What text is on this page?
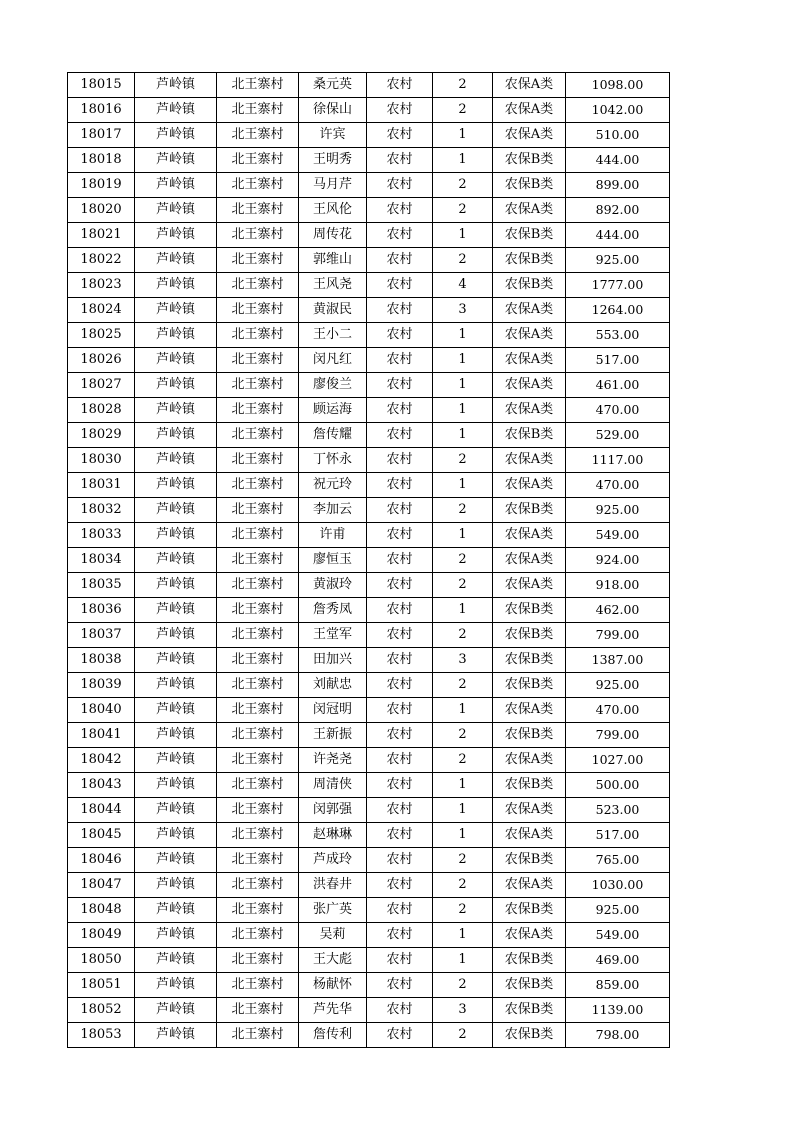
18015	芦岭镇	北王寨村	桑元英	农村	2	农保A类	1098.00
18016	芦岭镇	北王寨村	徐保山	农村	2	农保A类	1042.00
18017	芦岭镇	北王寨村	许宾	农村	1	农保A类	510.00
18018	芦岭镇	北王寨村	王明秀	农村	1	农保B类	444.00
18019	芦岭镇	北王寨村	马月芹	农村	2	农保B类	899.00
18020	芦岭镇	北王寨村	王风伦	农村	2	农保A类	892.00
18021	芦岭镇	北王寨村	周传花	农村	1	农保B类	444.00
18022	芦岭镇	北王寨村	郭维山	农村	2	农保B类	925.00
18023	芦岭镇	北王寨村	王风尧	农村	4	农保B类	1777.00
18024	芦岭镇	北王寨村	黄淑民	农村	3	农保A类	1264.00
18025	芦岭镇	北王寨村	王小二	农村	1	农保A类	553.00
18026	芦岭镇	北王寨村	闵凡红	农村	1	农保A类	517.00
18027	芦岭镇	北王寨村	廖俊兰	农村	1	农保A类	461.00
18028	芦岭镇	北王寨村	顾运海	农村	1	农保A类	470.00
18029	芦岭镇	北王寨村	詹传耀	农村	1	农保B类	529.00
18030	芦岭镇	北王寨村	丁怀永	农村	2	农保A类	1117.00
18031	芦岭镇	北王寨村	祝元玲	农村	1	农保A类	470.00
18032	芦岭镇	北王寨村	李加云	农村	2	农保B类	925.00
18033	芦岭镇	北王寨村	许甫	农村	1	农保A类	549.00
18034	芦岭镇	北王寨村	廖恒玉	农村	2	农保A类	924.00
18035	芦岭镇	北王寨村	黄淑玲	农村	2	农保A类	918.00
18036	芦岭镇	北王寨村	詹秀凤	农村	1	农保B类	462.00
18037	芦岭镇	北王寨村	王堂军	农村	2	农保B类	799.00
18038	芦岭镇	北王寨村	田加兴	农村	3	农保B类	1387.00
18039	芦岭镇	北王寨村	刘献忠	农村	2	农保B类	925.00
18040	芦岭镇	北王寨村	闵冠明	农村	1	农保A类	470.00
18041	芦岭镇	北王寨村	王新振	农村	2	农保B类	799.00
18042	芦岭镇	北王寨村	许尧尧	农村	2	农保A类	1027.00
18043	芦岭镇	北王寨村	周清侠	农村	1	农保B类	500.00
18044	芦岭镇	北王寨村	闵郭强	农村	1	农保A类	523.00
18045	芦岭镇	北王寨村	赵琳琳	农村	1	农保A类	517.00
18046	芦岭镇	北王寨村	芦成玲	农村	2	农保B类	765.00
18047	芦岭镇	北王寨村	洪春井	农村	2	农保A类	1030.00
18048	芦岭镇	北王寨村	张广英	农村	2	农保B类	925.00
18049	芦岭镇	北王寨村	吴莉	农村	1	农保A类	549.00
18050	芦岭镇	北王寨村	王大彪	农村	1	农保B类	469.00
18051	芦岭镇	北王寨村	杨献怀	农村	2	农保B类	859.00
18052	芦岭镇	北王寨村	芦先华	农村	3	农保B类	1139.00
18053	芦岭镇	北王寨村	詹传利	农村	2	农保B类	798.00
